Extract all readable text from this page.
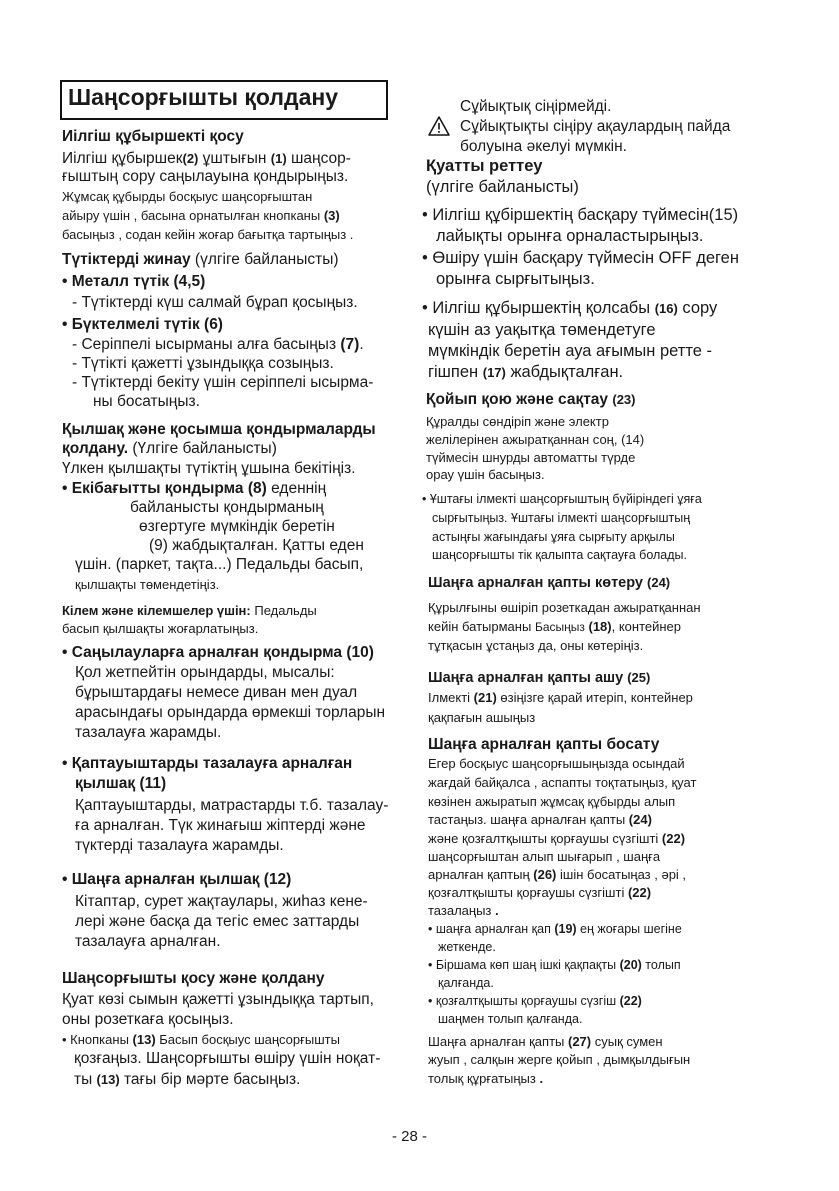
Шаңсорғышты қолдану

Иілгіш құбыршекті қосу

Иілгіш құбыршек(2) ұштығын (1) шаңсор-

ғыштың сору саңылауына қондырыңыз.

Жұмсақ құбырды босқыус шаңсорғыштан

айыру үшін , басына орнатылған кнопканы (3)

басыңыз , содан кейін жоғар бағытқа тартыңыз .

Түтіктерді жинау (үлгіге байланысты)

• Металл түтік (4,5)

- Түтіктерді күш салмай бұрап қосыңыз.

• Бүктелмелі түтік (6)

- Серіппелі ысырманы алға басыңыз (7).

- Түтікті қажетті ұзындыққа созыңыз.

- Түтіктерді бекіту үшін серіппелі ысырма-

ны босатыңыз.

Қылшақ және қосымша қондырмаларды

қолдану. (Үлгіге байланысты)

Үлкен қылшақты түтіктің ұшына бекітіңіз.

• Екібағытты қондырма (8) еденнің

байланысты қондырманың

өзгертуге мүмкіндік беретін

(9) жабдықталған. Қатты еден

үшін. (паркет, тақта...) Педальды басып,

қылшақты төмендетіңіз.

Кілем және кілемшелер үшін: Педальды

басып қылшақты жоғарлатыңыз.

• Саңылауларға арналған қондырма (10)

Қол жетпейтін орындарды, мысалы:

бұрыштардағы немесе диван мен дуал

арасындағы орындарда өрмекші торларын

тазалауға жарамды.

• Қаптауыштарды тазалауға арналған

қылшақ (11)

Қаптауыштарды, матрастарды т.б. тазалау-

ға арналған. Түк жинағыш жіптерді және

түктерді тазалауға жарамды.

• Шаңға арналған қылшақ (12)

Кітаптар, сурет жақтаулары, жиһаз кене-

лері және басқа да тегіс емес заттарды

тазалауға арналған.

Шаңсорғышты қосу және қолдану

Қуат көзі сымын қажетті ұзындыққа тартып,

оны розеткаға қосыңыз.

• Кнопканы (13) Басып босқыус шаңсорғышты

қозғаңыз. Шаңсорғышты өшіру үшін ноқат-

ты (13) тағы бір мәрте басыңыз.

Сұйықтық сіңірмейді.

Сұйықтықты сіңіру ақаулардың пайда

болуына әкелуі мүмкін.

Қуатты реттеу

(үлгіге байланысты)

• Иілгіш құбіршектің басқару түймесін(15)

лайықты орынға орналастырыңыз.

• Өшіру үшін басқару түймесін OFF деген

орынға сырғытыңыз.

• Иілгіш құбыршектің қолсабы (16) сору

күшін аз уақытқа төмендетуге

мүмкіндік беретін ауа ағымын ретте -

гішпен (17) жабдықталған.

Қойып қою және сақтау (23)

Құралды сөндіріп және электр

желілерінен ажыратқаннан соң, (14)

түймесін шнурды автоматты түрде

орау үшін басыңыз.

• Ұштағы ілмекті шаңсорғыштың бүйіріндегі ұяға

сырғытыңыз. Ұштағы ілмекті шаңсорғыштың

астыңғы жағындағы ұяға сырғыту арқылы

шаңсорғышты тік қалыпта сақтауға болады.

Шаңға арналған қапты көтеру (24)

Құрылғыны өшіріп розеткадан ажыратқаннан

кейін батырманы Басыңыз (18), контейнер

тұтқасын ұстаңыз да, оны көтеріңіз.

Шаңға арналған қапты ашу (25)

Ілмекті (21) өзіңізге қарай итеріп, контейнер

қақпағын ашыңыз

Шаңға арналған қапты босату

Егер босқыус шаңсорғышыңызда осындай

жағдай байқалса , аспапты тоқтатыңыз, қуат

көзінен ажыратып жұмсақ құбырды алып

тастаңыз. шаңға арналған қапты (24)

және қозғалтқышты қорғаушы сүзгішті (22)

шаңсорғыштан алып шығарып , шаңға

арналған қаптың (26) ішін босатыңаз , әрі ,

қозғалтқышты қорғаушы сүзгішті (22)

тазалаңыз .

• шаңға арналған қап (19) ең жоғары шегіне

жеткенде.

• Біршама көп шаң ішкі қақпақты (20) толып

қалғанда.

• қозғалтқышты қорғаушы сүзгіш (22)

шаңмен толып қалғанда.

Шаңға арналған қапты (27) суық сумен

жуып , салқын жерге қойып , дымқылдығын

толық құрғатыңыз .

- 28 -
